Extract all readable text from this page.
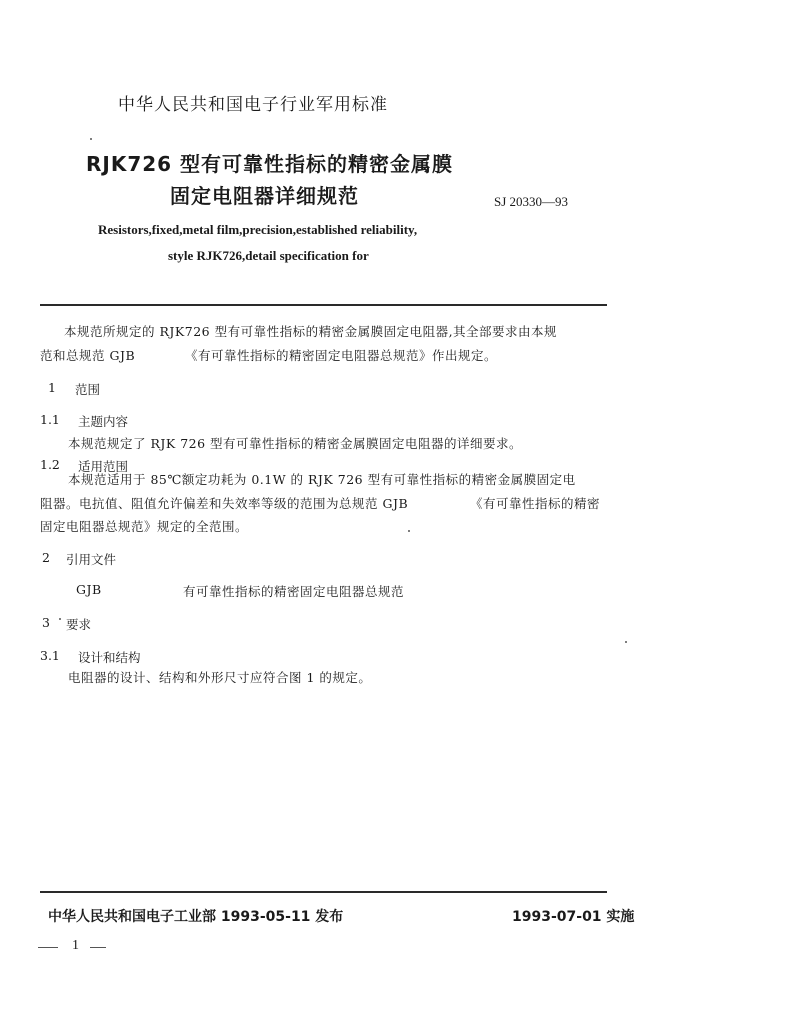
中华人民共和国电子行业军用标准
RJK726 型有可靠性指标的精密金属膜
固定电阻器详细规范	SJ 20330—93
Resistors,fixed,metal film,precision,established reliability,
style RJK726,detail specification for
本规范所规定的 RJK726 型有可靠性指标的精密金属膜固定电阻器,其全部要求由本规
范和总规范 GJB	《有可靠性指标的精密固定电阻器总规范》作出规定。
1 范围
1.1 主题内容
本规范规定了 RJK 726 型有可靠性指标的精密金属膜固定电阻器的详细要求。
1.2 适用范围
本规范适用于 85℃额定功耗为 0.1W 的 RJK 726 型有可靠性指标的精密金属膜固定电
阻器。电抗值、阻值允许偏差和失效率等级的范围为总规范 GJB	《有可靠性指标的精密
固定电阻器总规范》规定的全范围。
2 引用文件
GJB	有可靠性指标的精密固定电阻器总规范
3 要求
3.1 设计和结构
电阻器的设计、结构和外形尺寸应符合图 1 的规定。
中华人民共和国电子工业部 1993-05-11 发布	1993-07-01 实施
1
